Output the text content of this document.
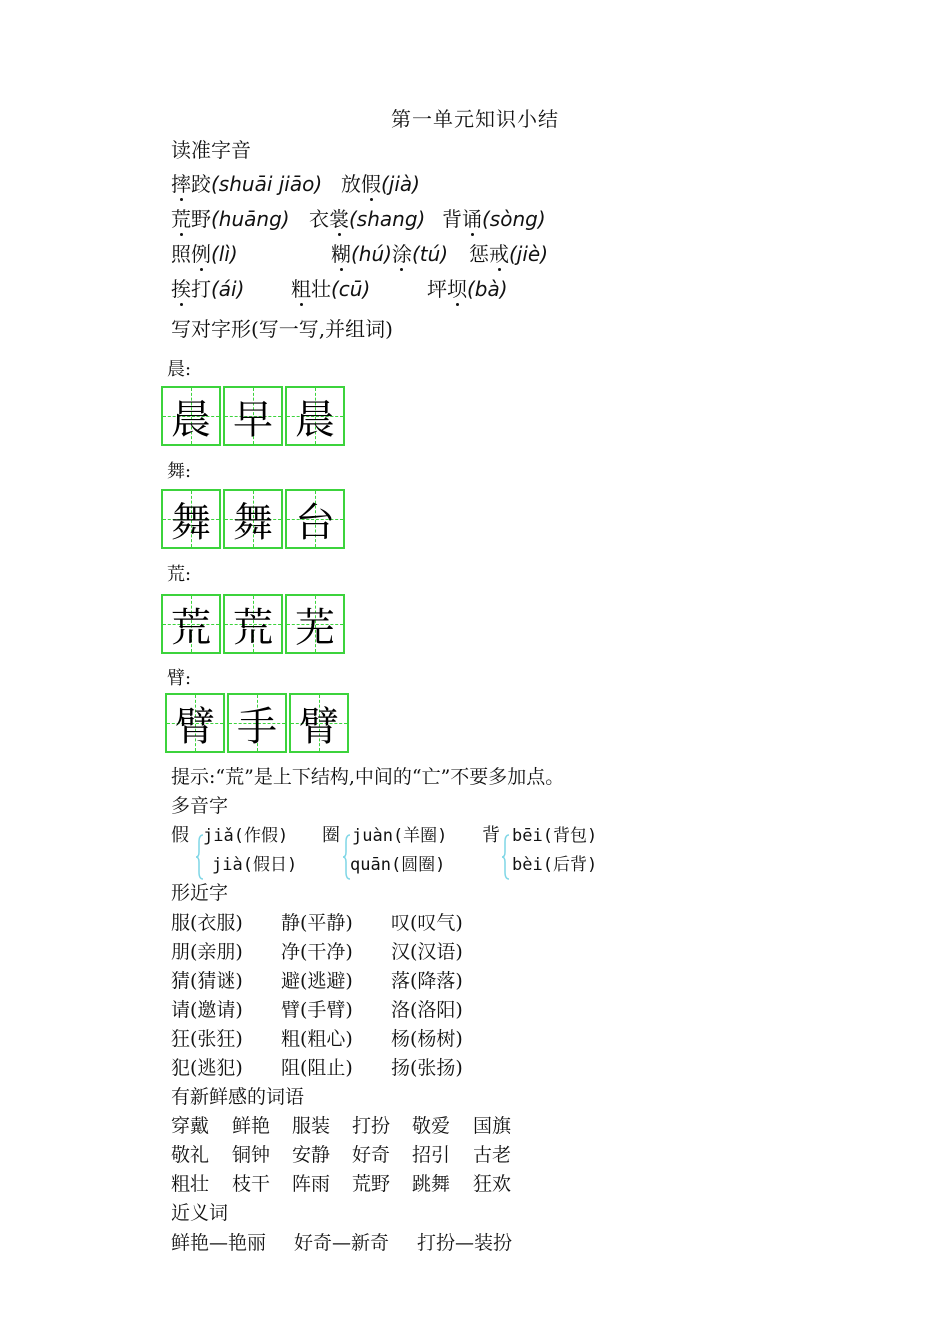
第一单元知识小结
读准字音
摔跤(shuāi jiāo) 放假(jià)
荒野(huāng) 衣裳(shang) 背诵(sòng)
照例(lì)	糊(hú)涂(tú) 惩戒(jiè)
挨打(ái) 粗壮(cū)	坪坝(bà)
写对字形(写一写,并组词)
晨:
晨 早 晨
舞:
舞 舞 台
荒:
荒 荒 芜
臂:
臂 手 臂
提示:“荒”是上下结构,中间的“亡”不要多加点。
多音字
假 jiǎ(作假)
jià(假日)
圈 juàn(羊圈)
quān(圆圈)
背 bēi(背包)
bèi(后背)
形近字
服(衣服) 静(平静) 叹(叹气)
朋(亲朋) 净(干净) 汉(汉语)
猜(猜谜) 避(逃避) 落(降落)
请(邀请) 臂(手臂) 洛(洛阳)
狂(张狂) 粗(粗心) 杨(杨树)
犯(逃犯) 阻(阻止) 扬(张扬)
有新鲜感的词语
穿戴 鲜艳 服装 打扮 敬爱 国旗
敬礼 铜钟 安静 好奇 招引 古老
粗壮 枝干 阵雨 荒野 跳舞 狂欢
近义词
鲜艳—艳丽 好奇—新奇 打扮—装扮
